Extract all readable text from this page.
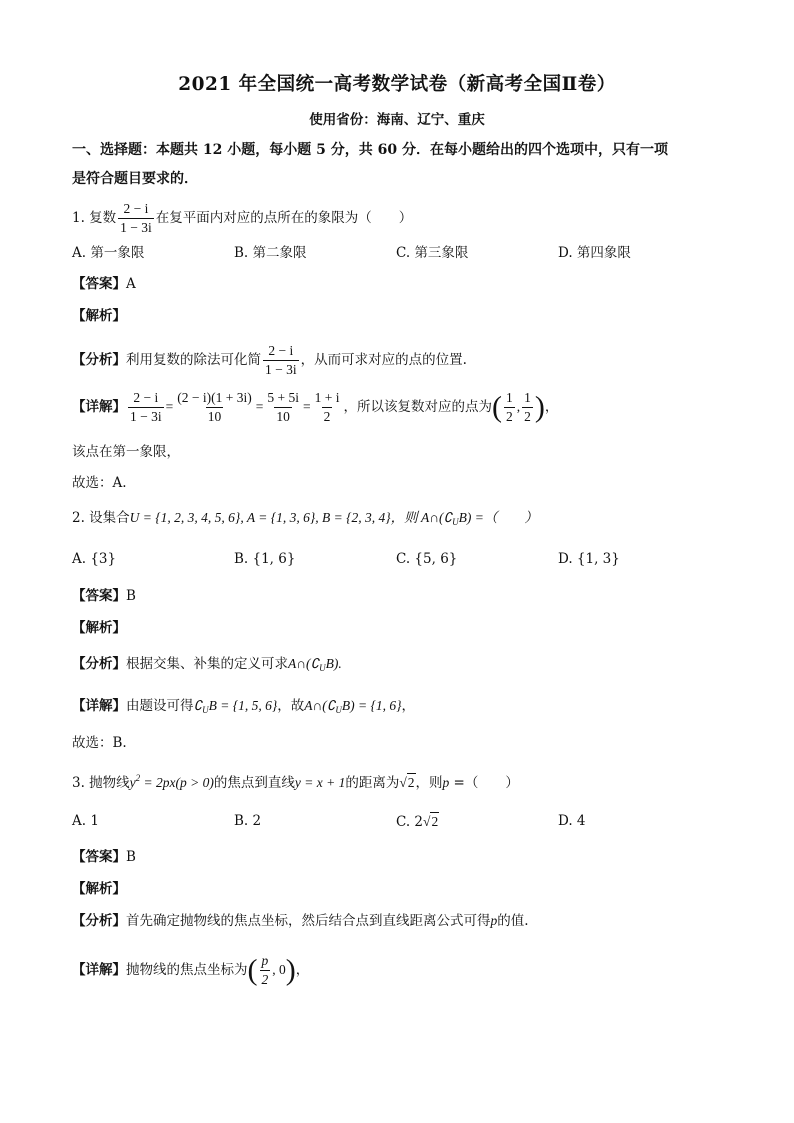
2021 年全国统一高考数学试卷（新高考全国Ⅱ卷）
使用省份：海南、辽宁、重庆
一、选择题：本题共 12 小题，每小题 5 分，共 60 分．在每小题给出的四个选项中，只有一项
是符合题目要求的．
1. 复数 $\frac{2 - i}{1 - 3i}$ 在复平面内对应的点所在的象限为（　　）
A. 第一象限	B. 第二象限	C. 第三象限	D. 第四象限
【答案】A
【解析】
【分析】利用复数的除法可化简 $\frac{2 - i}{1 - 3i}$ ，从而可求对应的点的位置.
【详解】 $\frac{2 - i}{1 - 3i} = \frac{(2 - i)(1 + 3i)}{10} = \frac{5 + 5i}{10} = \frac{1 + i}{2}$ ，所以该复数对应的点为( $\frac{1}{2}$ , $\frac{1}{2}$ )，
该点在第一象限，
故选：A.
2. 设集合U = {1, 2, 3, 4, 5, 6}, A = {1, 3, 6}, B = {2, 3, 4}，则 $A\cap(∁_UB)$ =（　　）
A. {3}	B. {1, 6}	C. {5, 6}	D. {1, 3}
【答案】B
【解析】
【分析】根据交集、补集的定义可求$A\cap(∁_UB)$.
【详解】由题设可得$∁_UB = \{1$, 5, 6}，故$A\cap(∁_UB) = \{1$, 6}，
故选：B.
3. 抛物线$y^2 = 2px(p > 0)$的焦点到直线y = x + 1的距离为√2，则p =（　　）
A. 1	B. 2	C. 2√2	D. 4
【答案】B
【解析】
【分析】首先确定抛物线的焦点坐标，然后结合点到直线距离公式可得p的值.
【详解】抛物线的焦点坐标为( $\frac{p}{2}$ , 0)，
